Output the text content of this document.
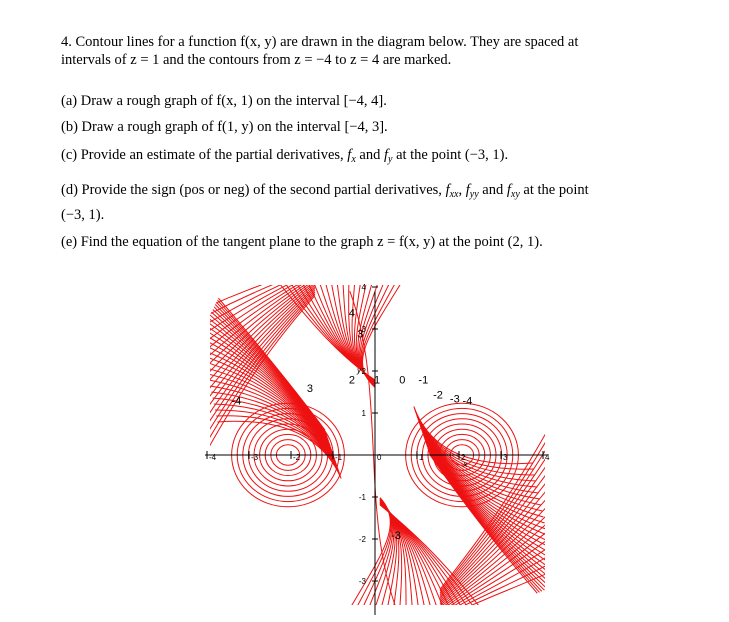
4. Contour lines for a function f(x, y) are drawn in the diagram below. They are spaced at
intervals of z = 1 and the contours from z = −4 to z = 4 are marked.

(a) Draw a rough graph of f(x, 1) on the interval [−4, 4].

(b) Draw a rough graph of f(1, y) on the interval [−4, 3].

(c) Provide an estimate of the partial derivatives, $f_x$ and $f_y$ at the point (−3, 1).

(d) Provide the sign (pos or neg) of the second partial derivatives, $f_{xx}$, $f_{yy}$ and $f_{xy}$ at the point

(−3, 1).

(e) Find the equation of the tangent plane to the graph z = f(x, y) at the point (2, 1).

-4	-3	-2	-1	0	1	2	3	4
4
3
2
1
-1
-2
-3
y
x
4
3
2 1 0 -1
-2 -3
-4
3
-4
-3
